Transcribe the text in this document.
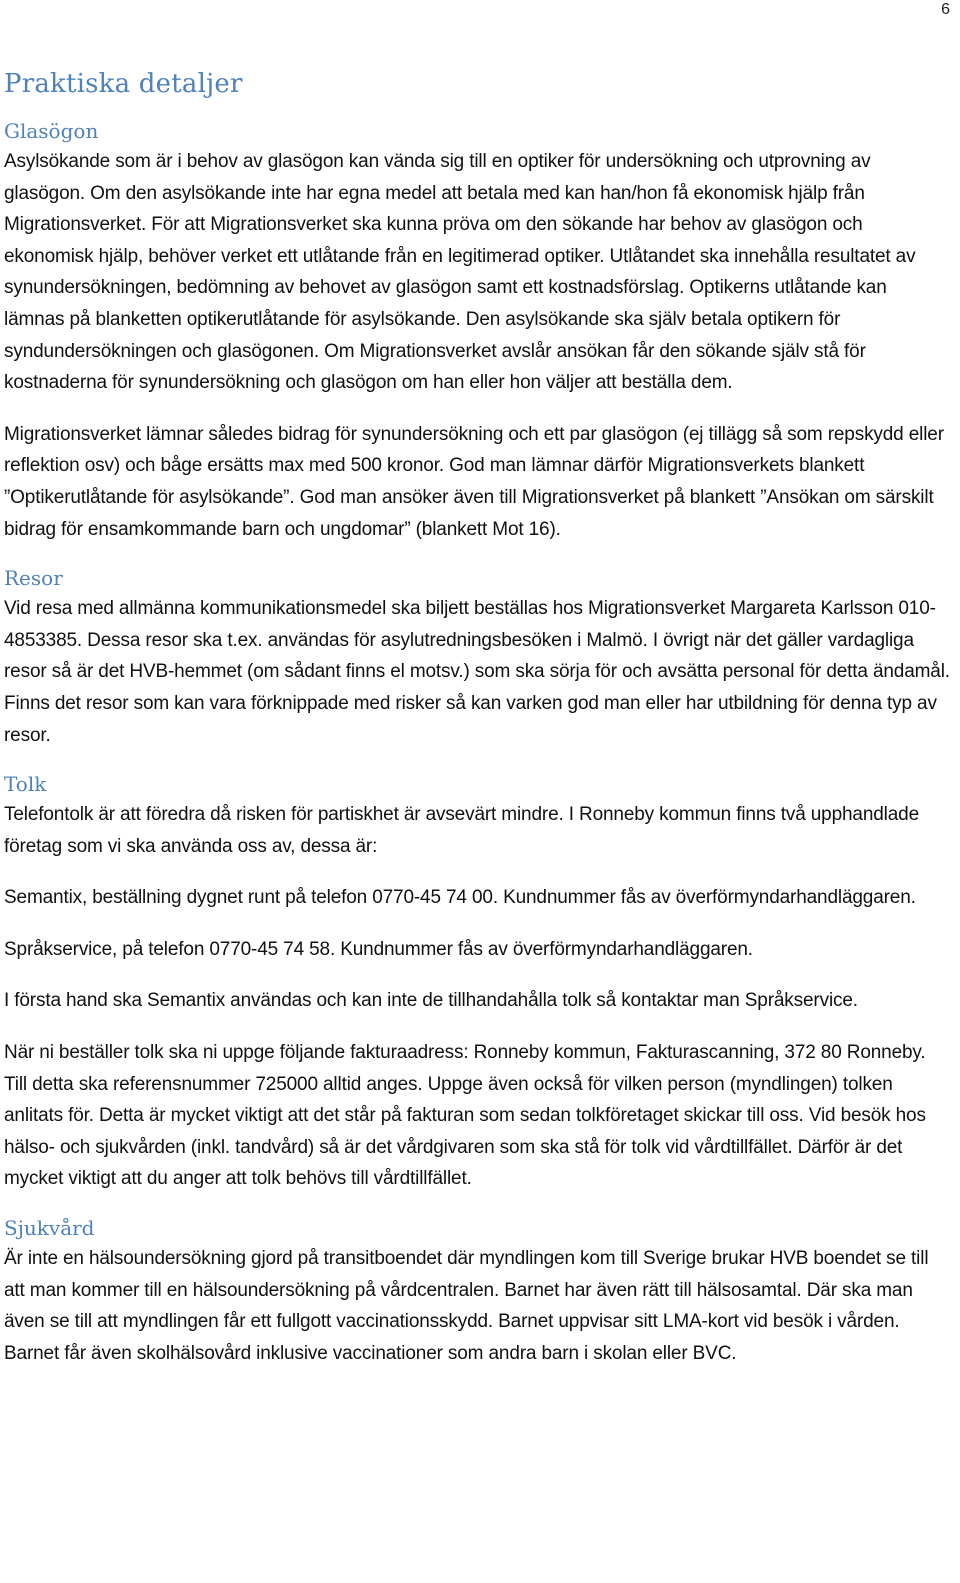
6
Praktiska detaljer
Glasögon

Asylsökande som är i behov av glasögon kan vända sig till en optiker för undersökning och utprovning av glasögon. Om den asylsökande inte har egna medel att betala med kan han/hon få ekonomisk hjälp från Migrationsverket. För att Migrationsverket ska kunna pröva om den sökande har behov av glasögon och ekonomisk hjälp, behöver verket ett utlåtande från en legitimerad optiker. Utlåtandet ska innehålla resultatet av synundersökningen, bedömning av behovet av glasögon samt ett kostnadsförslag. Optikerns utlåtande kan lämnas på blanketten optikerutlåtande för asylsökande. Den asylsökande ska själv betala optikern för syndundersökningen och glasögonen. Om Migrationsverket avslår ansökan får den sökande själv stå för kostnaderna för synundersökning och glasögon om han eller hon väljer att beställa dem.

Migrationsverket lämnar således bidrag för synundersökning och ett par glasögon (ej tillägg så som repskydd eller reflektion osv) och båge ersätts max med 500 kronor. God man lämnar därför Migrationsverkets blankett ”Optikerutlåtande för asylsökande”. God man ansöker även till Migrationsverket på blankett ”Ansökan om särskilt bidrag för ensamkommande barn och ungdomar” (blankett Mot 16).

Resor

Vid resa med allmänna kommunikationsmedel ska biljett beställas hos Migrationsverket Margareta Karlsson 010-4853385. Dessa resor ska t.ex. användas för asylutredningsbesöken i Malmö. I övrigt när det gäller vardagliga resor så är det HVB-hemmet (om sådant finns el motsv.) som ska sörja för och avsätta personal för detta ändamål. Finns det resor som kan vara förknippade med risker så kan varken god man eller har utbildning för denna typ av resor.

Tolk

Telefontolk är att föredra då risken för partiskhet är avsevärt mindre. I Ronneby kommun finns två upphandlade företag som vi ska använda oss av, dessa är:

Semantix, beställning dygnet runt på telefon 0770-45 74 00. Kundnummer fås av överförmyndarhandläggaren.

Språkservice, på telefon 0770-45 74 58. Kundnummer fås av överförmyndarhandläggaren.

I första hand ska Semantix användas och kan inte de tillhandahålla tolk så kontaktar man Språkservice.

När ni beställer tolk ska ni uppge följande fakturaadress: Ronneby kommun, Fakturascanning, 372 80 Ronneby. Till detta ska referensnummer 725000 alltid anges. Uppge även också för vilken person (myndlingen) tolken anlitats för. Detta är mycket viktigt att det står på fakturan som sedan tolkföretaget skickar till oss. Vid besök hos hälso- och sjukvården (inkl. tandvård) så är det vårdgivaren som ska stå för tolk vid vårdtillfället. Därför är det mycket viktigt att du anger att tolk behövs till vårdtillfället.

Sjukvård

Är inte en hälsoundersökning gjord på transitboendet där myndlingen kom till Sverige brukar HVB boendet se till att man kommer till en hälsoundersökning på vårdcentralen. Barnet har även rätt till hälsosamtal. Där ska man även se till att myndlingen får ett fullgott vaccinationsskydd. Barnet uppvisar sitt LMA-kort vid besök i vården. Barnet får även skolhälsovård inklusive vaccinationer som andra barn i skolan eller BVC.
